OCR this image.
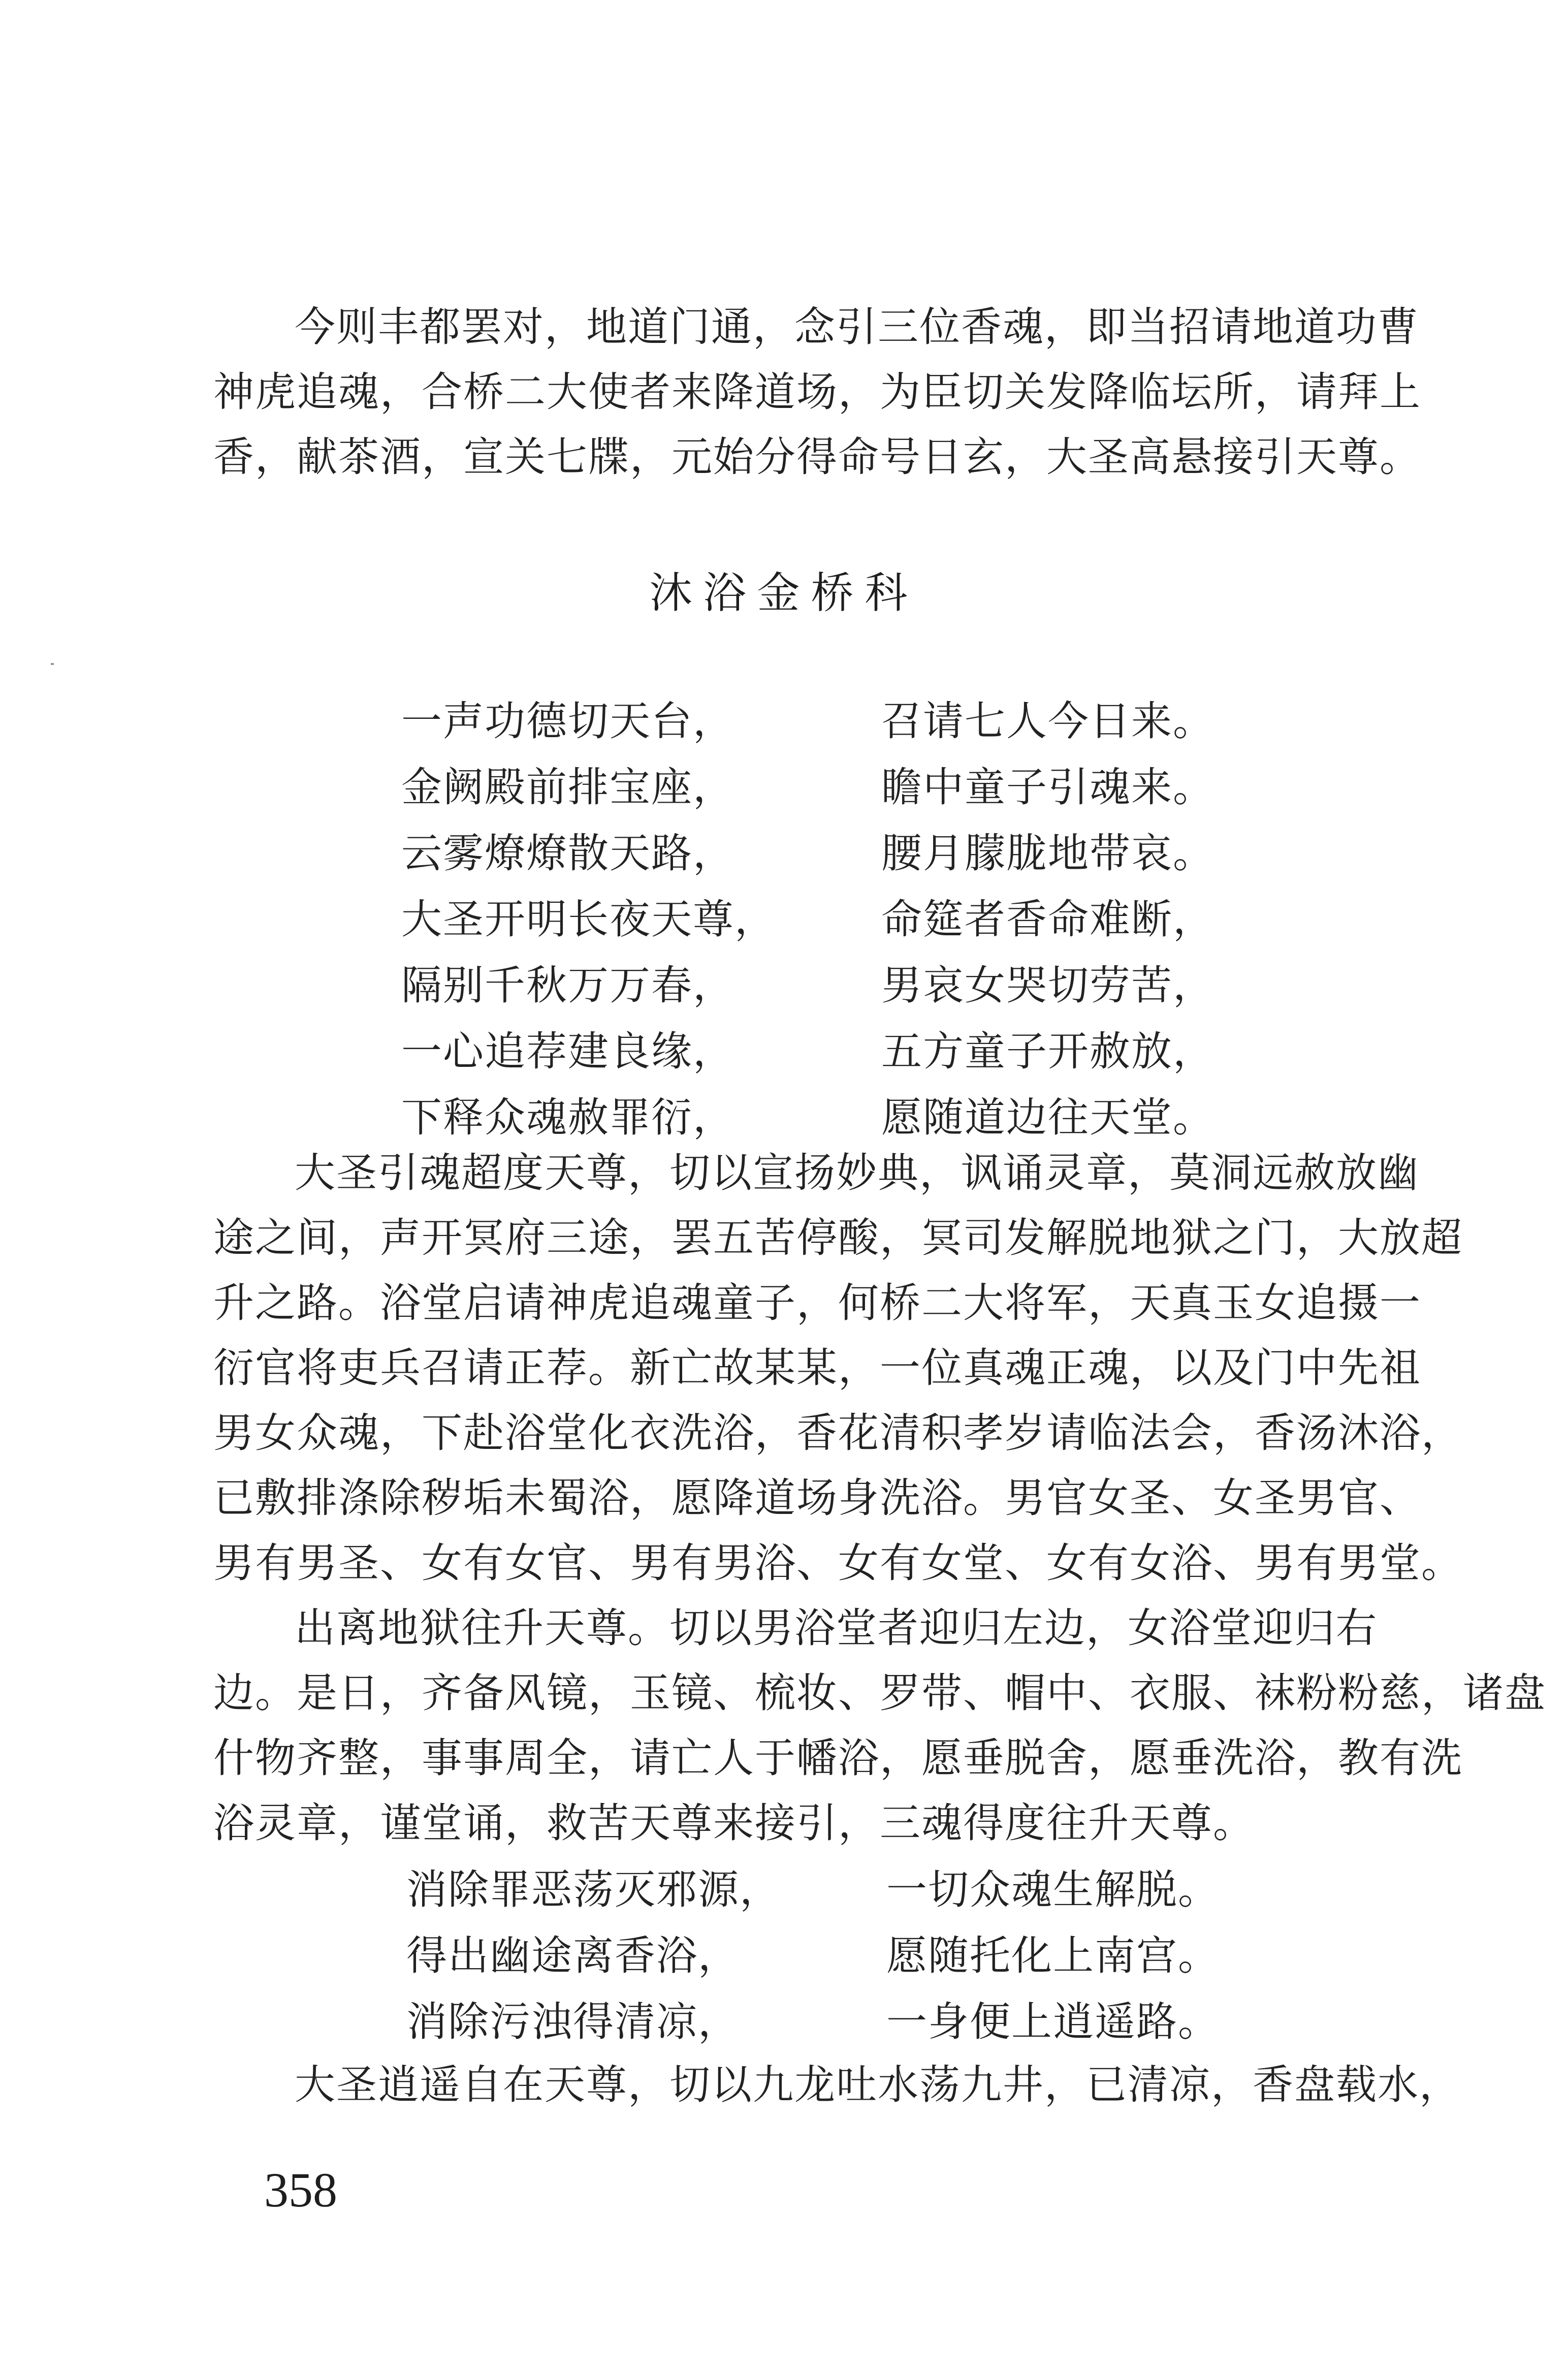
今则丰都罢对，地道门通，念引三位香魂，即当招请地道功曹
神虎追魂，合桥二大使者来降道场，为臣切关发降临坛所，请拜上
香，献茶酒，宣关七牒，元始分得命号日玄，大圣高悬接引天尊。
沐浴金桥科
一声功德切天台，	召请七人今日来。
金阙殿前排宝座，	瞻中童子引魂来。
云雾燎燎散天路，	腰月朦胧地带哀。
大圣开明长夜天尊，	命筵者香命难断，
隔别千秋万万春，	男哀女哭切劳苦，
一心追荐建良缘，	五方童子开赦放，
下释众魂赦罪衍，	愿随道边往天堂。
大圣引魂超度天尊，切以宣扬妙典，讽诵灵章，莫洞远赦放幽
途之间，声开冥府三途，罢五苦停酸，冥司发解脱地狱之门，大放超
升之路。浴堂启请神虎追魂童子，何桥二大将军，天真玉女追摄一
衍官将吏兵召请正荐。新亡故某某，一位真魂正魂，以及门中先祖
男女众魂，下赴浴堂化衣洗浴，香花清积孝岁请临法会，香汤沐浴，
已敷排涤除秽垢未蜀浴，愿降道场身洗浴。男官女圣、女圣男官、
男有男圣、女有女官、男有男浴、女有女堂、女有女浴、男有男堂。
出离地狱往升天尊。切以男浴堂者迎归左边，女浴堂迎归右
边。是日，齐备风镜，玉镜、梳妆、罗带、帽中、衣服、袜粉粉慈，诸盘
什物齐整，事事周全，请亡人于幡浴，愿垂脱舍，愿垂洗浴，教有洗
浴灵章，谨堂诵，救苦天尊来接引，三魂得度往升天尊。
消除罪恶荡灭邪源，	一切众魂生解脱。
得出幽途离香浴，	愿随托化上南宫。
消除污浊得清凉，	一身便上逍遥路。
大圣逍遥自在天尊，切以九龙吐水荡九井，已清凉，香盘载水，
358
